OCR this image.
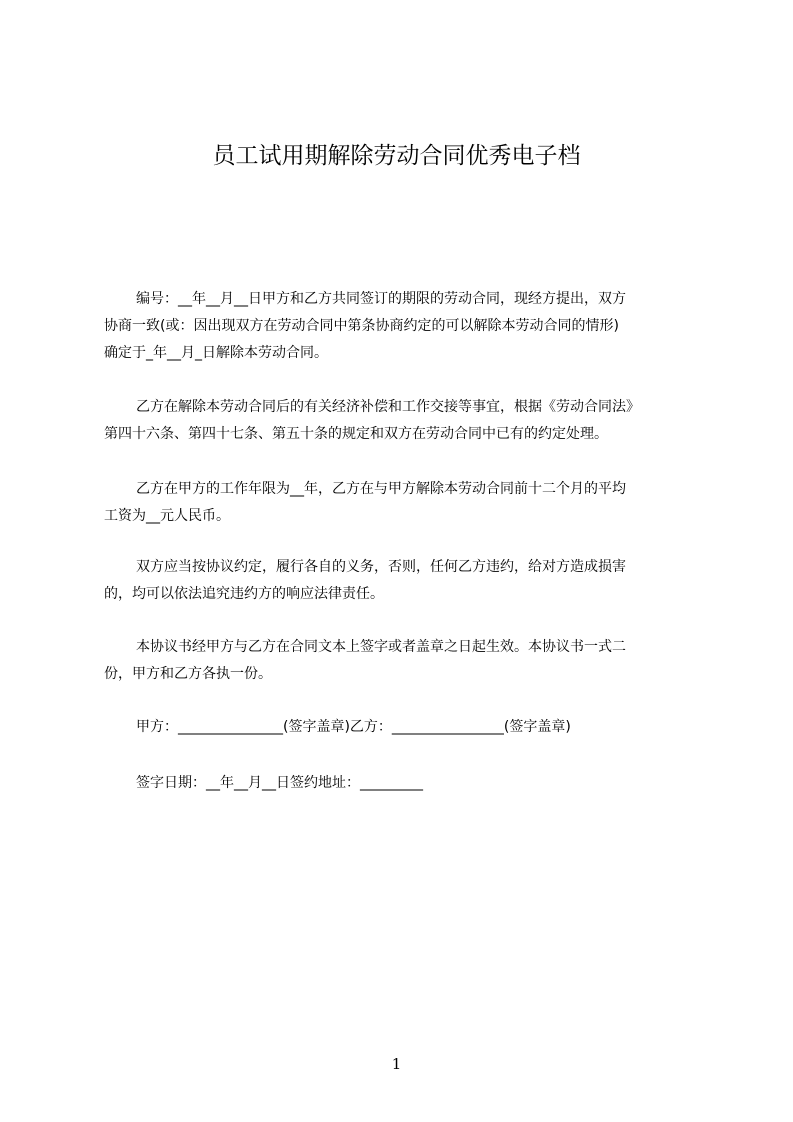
员工试用期解除劳动合同优秀电子档
编号：__年__月__日甲方和乙方共同签订的期限的劳动合同，现经方提出，双方
协商一致(或：因出现双方在劳动合同中第条协商约定的可以解除本劳动合同的情形)
确定于_年__月_日解除本劳动合同。
乙方在解除本劳动合同后的有关经济补偿和工作交接等事宜，根据《劳动合同法》
第四十六条、第四十七条、第五十条的规定和双方在劳动合同中已有的约定处理。
乙方在甲方的工作年限为__年，乙方在与甲方解除本劳动合同前十二个月的平均
工资为__元人民币。
双方应当按协议约定，履行各自的义务，否则，任何乙方违约，给对方造成损害
的，均可以依法追究违约方的响应法律责任。
本协议书经甲方与乙方在合同文本上签字或者盖章之日起生效。本协议书一式二
份，甲方和乙方各执一份。
甲方：_______________(签字盖章)乙方：________________(签字盖章)
签字日期：__年__月__日签约地址：_________
1
